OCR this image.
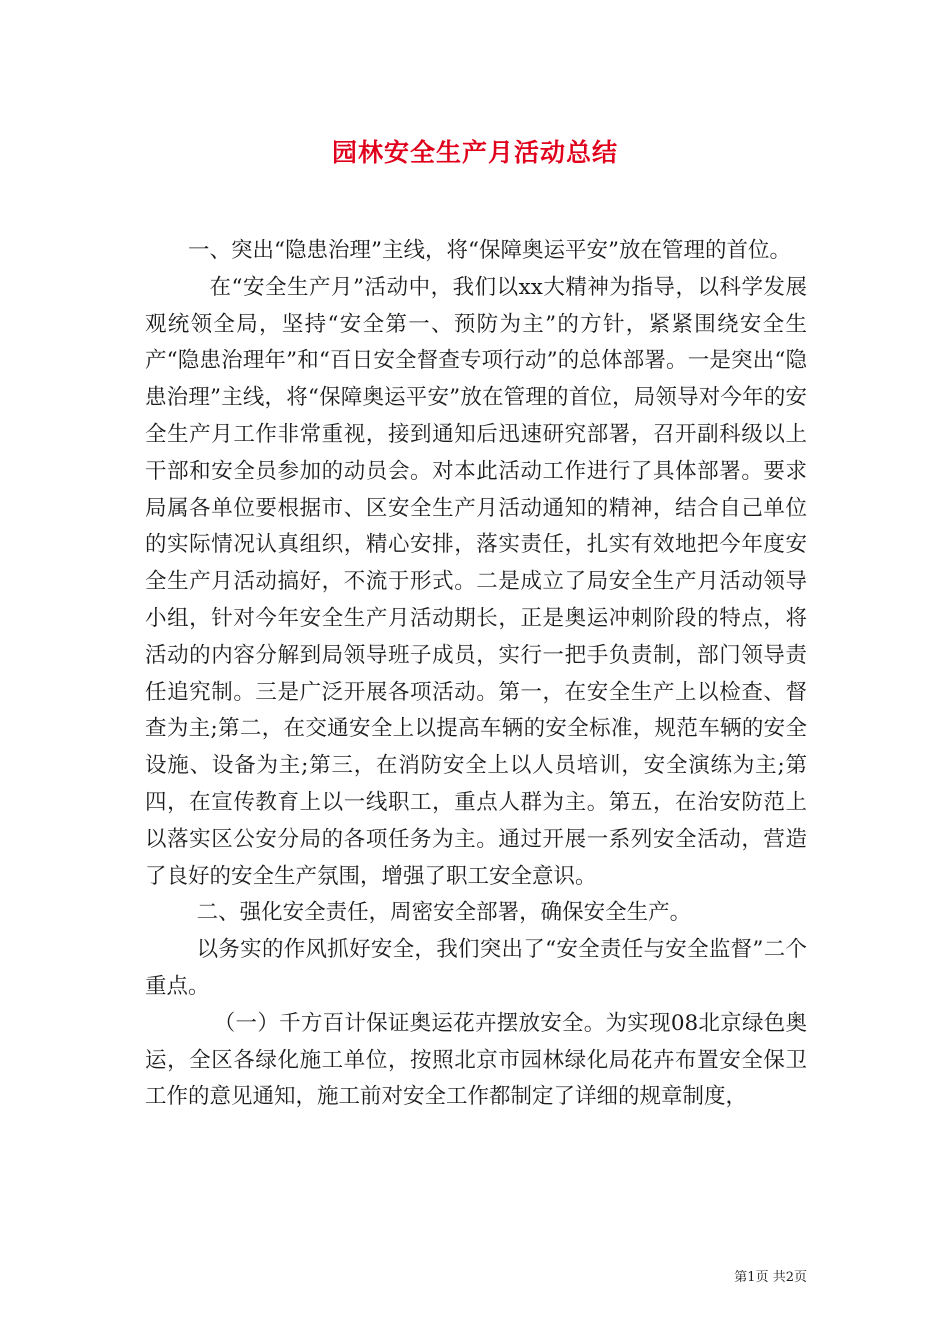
园林安全生产月活动总结

一、突出“隐患治理”主线，将“保障奥运平安”放在管理的首位。

在“安全生产月”活动中，我们以xx大精神为指导，以科学发展观统领全局，坚持“安全第一、预防为主”的方针，紧紧围绕安全生产“隐患治理年”和“百日安全督查专项行动”的总体部署。一是突出“隐患治理”主线，将“保障奥运平安”放在管理的首位，局领导对今年的安全生产月工作非常重视，接到通知后迅速研究部署，召开副科级以上干部和安全员参加的动员会。对本此活动工作进行了具体部署。要求局属各单位要根据市、区安全生产月活动通知的精神，结合自己单位的实际情况认真组织，精心安排，落实责任，扎实有效地把今年度安全生产月活动搞好，不流于形式。二是成立了局安全生产月活动领导小组，针对今年安全生产月活动期长，正是奥运冲刺阶段的特点，将活动的内容分解到局领导班子成员，实行一把手负责制，部门领导责任追究制。三是广泛开展各项活动。第一，在安全生产上以检查、督查为主;第二，在交通安全上以提高车辆的安全标准，规范车辆的安全设施、设备为主;第三，在消防安全上以人员培训，安全演练为主;第四，在宣传教育上以一线职工，重点人群为主。第五，在治安防范上以落实区公安分局的各项任务为主。通过开展一系列安全活动，营造了良好的安全生产氛围，增强了职工安全意识。

二、强化安全责任，周密安全部署，确保安全生产。

以务实的作风抓好安全，我们突出了“安全责任与安全监督”二个重点。

（一）千方百计保证奥运花卉摆放安全。为实现08北京绿色奥运，全区各绿化施工单位，按照北京市园林绿化局花卉布置安全保卫工作的意见通知，施工前对安全工作都制定了详细的规章制度，

第1页 共2页
